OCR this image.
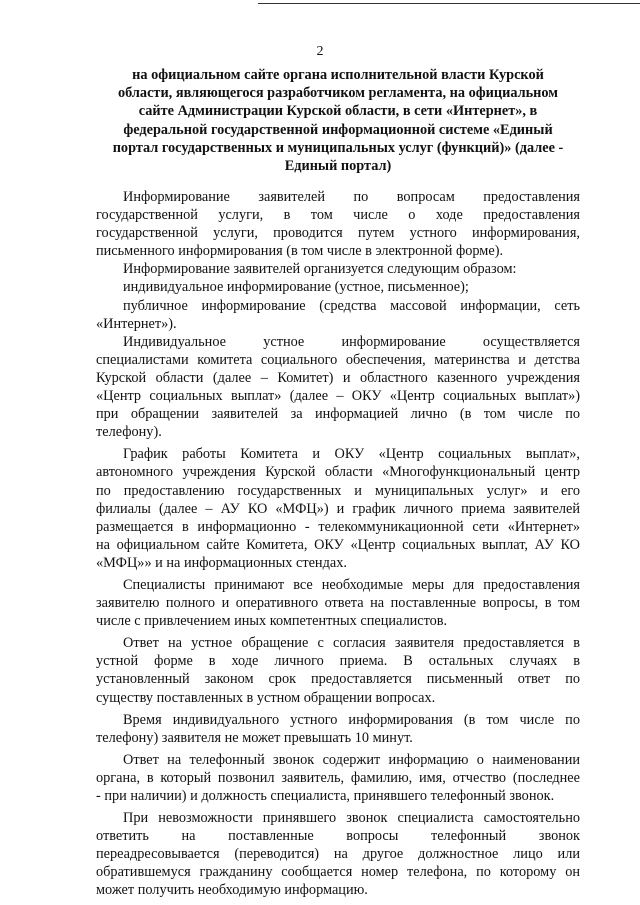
2
на официальном сайте органа исполнительной власти Курской
области, являющегося разработчиком регламента, на официальном
сайте Администрации Курской области, в сети «Интернет», в
федеральной государственной информационной системе «Единый
портал государственных и муниципальных услуг (функций)» (далее -
Единый портал)
Информирование заявителей по вопросам предоставления
государственной услуги, в том числе о ходе предоставления
государственной услуги, проводится путем устного информирования,
письменного информирования (в том числе в электронной форме).
Информирование заявителей организуется следующим образом:
индивидуальное информирование (устное, письменное);
публичное информирование (средства массовой информации, сеть
«Интернет»).
Индивидуальное устное информирование осуществляется
специалистами комитета социального обеспечения, материнства и детства
Курской области (далее – Комитет) и областного казенного учреждения
«Центр социальных выплат» (далее – ОКУ «Центр социальных выплат»)
при обращении заявителей за информацией лично (в том числе по
телефону).
График работы Комитета и ОКУ «Центр социальных выплат»,
автономного учреждения Курской области «Многофункциональный центр
по предоставлению государственных и муниципальных услуг» и его
филиалы (далее – АУ КО «МФЦ») и график личного приема заявителей
размещается в информационно - телекоммуникационной сети «Интернет»
на официальном сайте Комитета, ОКУ «Центр социальных выплат, АУ КО
«МФЦ»» и на информационных стендах.
Специалисты принимают все необходимые меры для предоставления
заявителю полного и оперативного ответа на поставленные вопросы, в том
числе с привлечением иных компетентных специалистов.
Ответ на устное обращение с согласия заявителя предоставляется в
устной форме в ходе личного приема. В остальных случаях в
установленный законом срок предоставляется письменный ответ по
существу поставленных в устном обращении вопросах.
Время индивидуального устного информирования (в том числе по
телефону) заявителя не может превышать 10 минут.
Ответ на телефонный звонок содержит информацию о наименовании
органа, в который позвонил заявитель, фамилию, имя, отчество (последнее
- при наличии) и должность специалиста, принявшего телефонный звонок.
При невозможности принявшего звонок специалиста самостоятельно
ответить на поставленные вопросы телефонный звонок
переадресовывается (переводится) на другое должностное лицо или
обратившемуся гражданину сообщается номер телефона, по которому он
может получить необходимую информацию.
